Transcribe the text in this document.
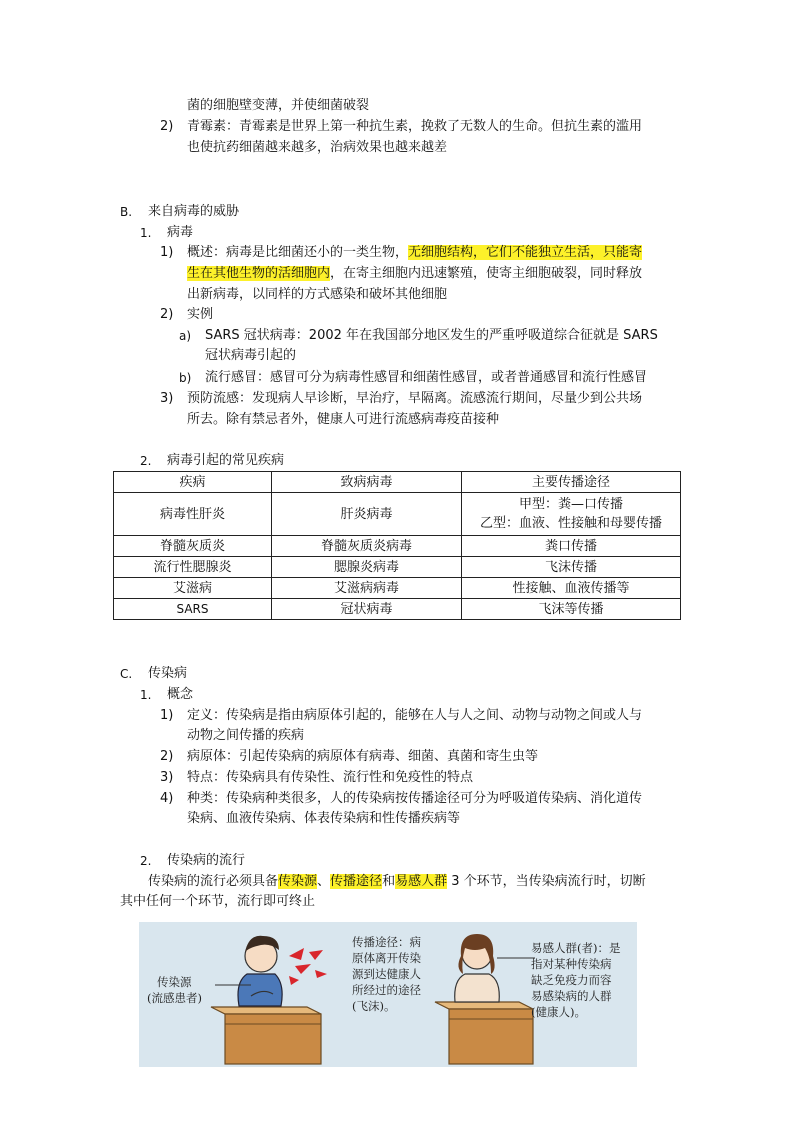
菌的细胞壁变薄，并使细菌破裂
2) 青霉素：青霉素是世界上第一种抗生素，挽救了无数人的生命。但抗生素的滥用
也使抗药细菌越来越多，治病效果也越来越差
B. 来自病毒的威胁
1. 病毒
1) 概述：病毒是比细菌还小的一类生物，无细胞结构，它们不能独立生活，只能寄
生在其他生物的活细胞内，在寄主细胞内迅速繁殖，使寄主细胞破裂，同时释放
出新病毒，以同样的方式感染和破坏其他细胞
2) 实例
a) SARS 冠状病毒：2002 年在我国部分地区发生的严重呼吸道综合征就是 SARS
冠状病毒引起的
b) 流行感冒：感冒可分为病毒性感冒和细菌性感冒，或者普通感冒和流行性感冒
3) 预防流感：发现病人早诊断，早治疗，早隔离。流感流行期间，尽量少到公共场
所去。除有禁忌者外，健康人可进行流感病毒疫苗接种
2. 病毒引起的常见疾病
疾病	致病病毒	主要传播途径
病毒性肝炎	肝炎病毒	甲型：粪—口传播
乙型：血液、性接触和母婴传播

脊髓灰质炎	脊髓灰质炎病毒	粪口传播
流行性腮腺炎	腮腺炎病毒	飞沫传播
艾滋病	艾滋病病毒	性接触、血液传播等
SARS	冠状病毒	飞沫等传播
C. 传染病
1. 概念
1) 定义：传染病是指由病原体引起的，能够在人与人之间、动物与动物之间或人与
动物之间传播的疾病
2) 病原体：引起传染病的病原体有病毒、细菌、真菌和寄生虫等
3) 特点：传染病具有传染性、流行性和免疫性的特点
4) 种类：传染病种类很多，人的传染病按传播途径可分为呼吸道传染病、消化道传
染病、血液传染病、体表传染病和性传播疾病等
2. 传染病的流行
传染病的流行必须具备传染源、传播途径和易感人群 3 个环节，当传染病流行时，切断
其中任何一个环节，流行即可终止
传染源
(流感患者)
传播途径：病
原体离开传染
源到达健康人
所经过的途径
(飞沫)。
易感人群(者)：是
指对某种传染病
缺乏免疫力而容
易感染病的人群
(健康人)。
